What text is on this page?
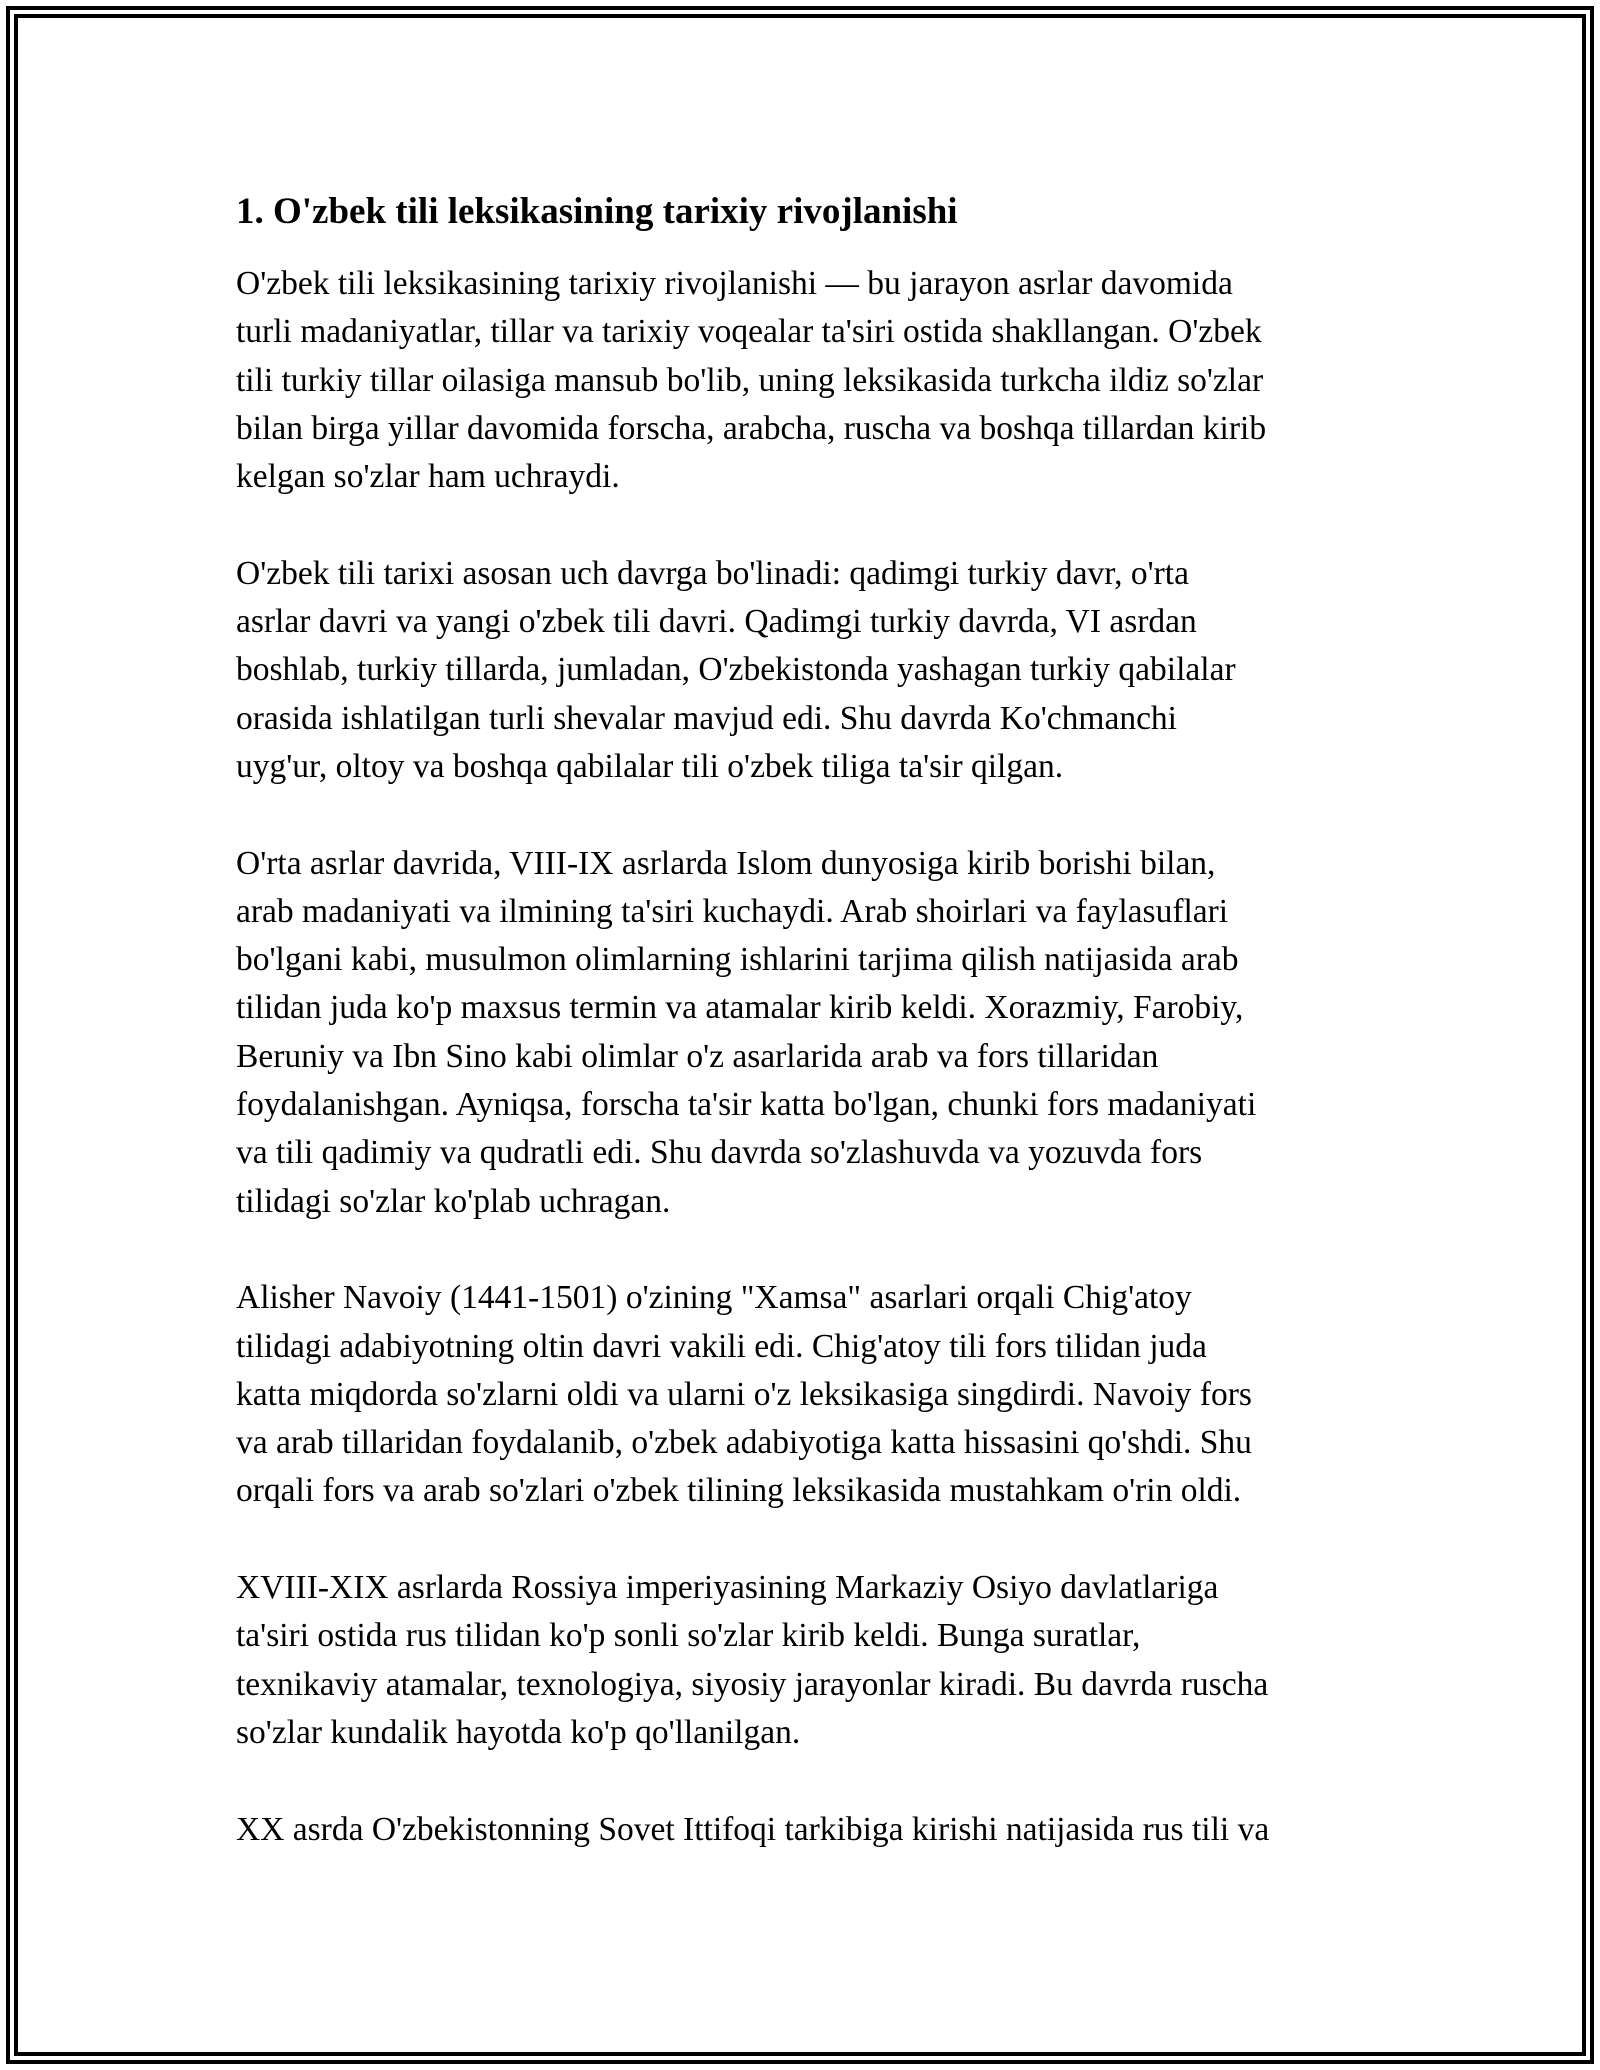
1. O'zbek tili leksikasining tarixiy rivojlanishi

O'zbek tili leksikasining tarixiy rivojlanishi — bu jarayon asrlar davomida
turli madaniyatlar, tillar va tarixiy voqealar ta'siri ostida shakllangan. O'zbek
tili turkiy tillar oilasiga mansub bo'lib, uning leksikasida turkcha ildiz so'zlar
bilan birga yillar davomida forscha, arabcha, ruscha va boshqa tillardan kirib
kelgan so'zlar ham uchraydi.

O'zbek tili tarixi asosan uch davrga bo'linadi: qadimgi turkiy davr, o'rta
asrlar davri va yangi o'zbek tili davri. Qadimgi turkiy davrda, VI asrdan
boshlab, turkiy tillarda, jumladan, O'zbekistonda yashagan turkiy qabilalar
orasida ishlatilgan turli shevalar mavjud edi. Shu davrda Ko'chmanchi
uyg'ur, oltoy va boshqa qabilalar tili o'zbek tiliga ta'sir qilgan.

O'rta asrlar davrida, VIII-IX asrlarda Islom dunyosiga kirib borishi bilan,
arab madaniyati va ilmining ta'siri kuchaydi. Arab shoirlari va faylasuflari
bo'lgani kabi, musulmon olimlarning ishlarini tarjima qilish natijasida arab
tilidan juda ko'p maxsus termin va atamalar kirib keldi. Xorazmiy, Farobiy,
Beruniy va Ibn Sino kabi olimlar o'z asarlarida arab va fors tillaridan
foydalanishgan. Ayniqsa, forscha ta'sir katta bo'lgan, chunki fors madaniyati
va tili qadimiy va qudratli edi. Shu davrda so'zlashuvda va yozuvda fors
tilidagi so'zlar ko'plab uchragan.

Alisher Navoiy (1441-1501) o'zining "Xamsa" asarlari orqali Chig'atoy
tilidagi adabiyotning oltin davri vakili edi. Chig'atoy tili fors tilidan juda
katta miqdorda so'zlarni oldi va ularni o'z leksikasiga singdirdi. Navoiy fors
va arab tillaridan foydalanib, o'zbek adabiyotiga katta hissasini qo'shdi. Shu
orqali fors va arab so'zlari o'zbek tilining leksikasida mustahkam o'rin oldi.

XVIII-XIX asrlarda Rossiya imperiyasining Markaziy Osiyo davlatlariga
ta'siri ostida rus tilidan ko'p sonli so'zlar kirib keldi. Bunga suratlar,
texnikaviy atamalar, texnologiya, siyosiy jarayonlar kiradi. Bu davrda ruscha
so'zlar kundalik hayotda ko'p qo'llanilgan.

XX asrda O'zbekistonning Sovet Ittifoqi tarkibiga kirishi natijasida rus tili va
